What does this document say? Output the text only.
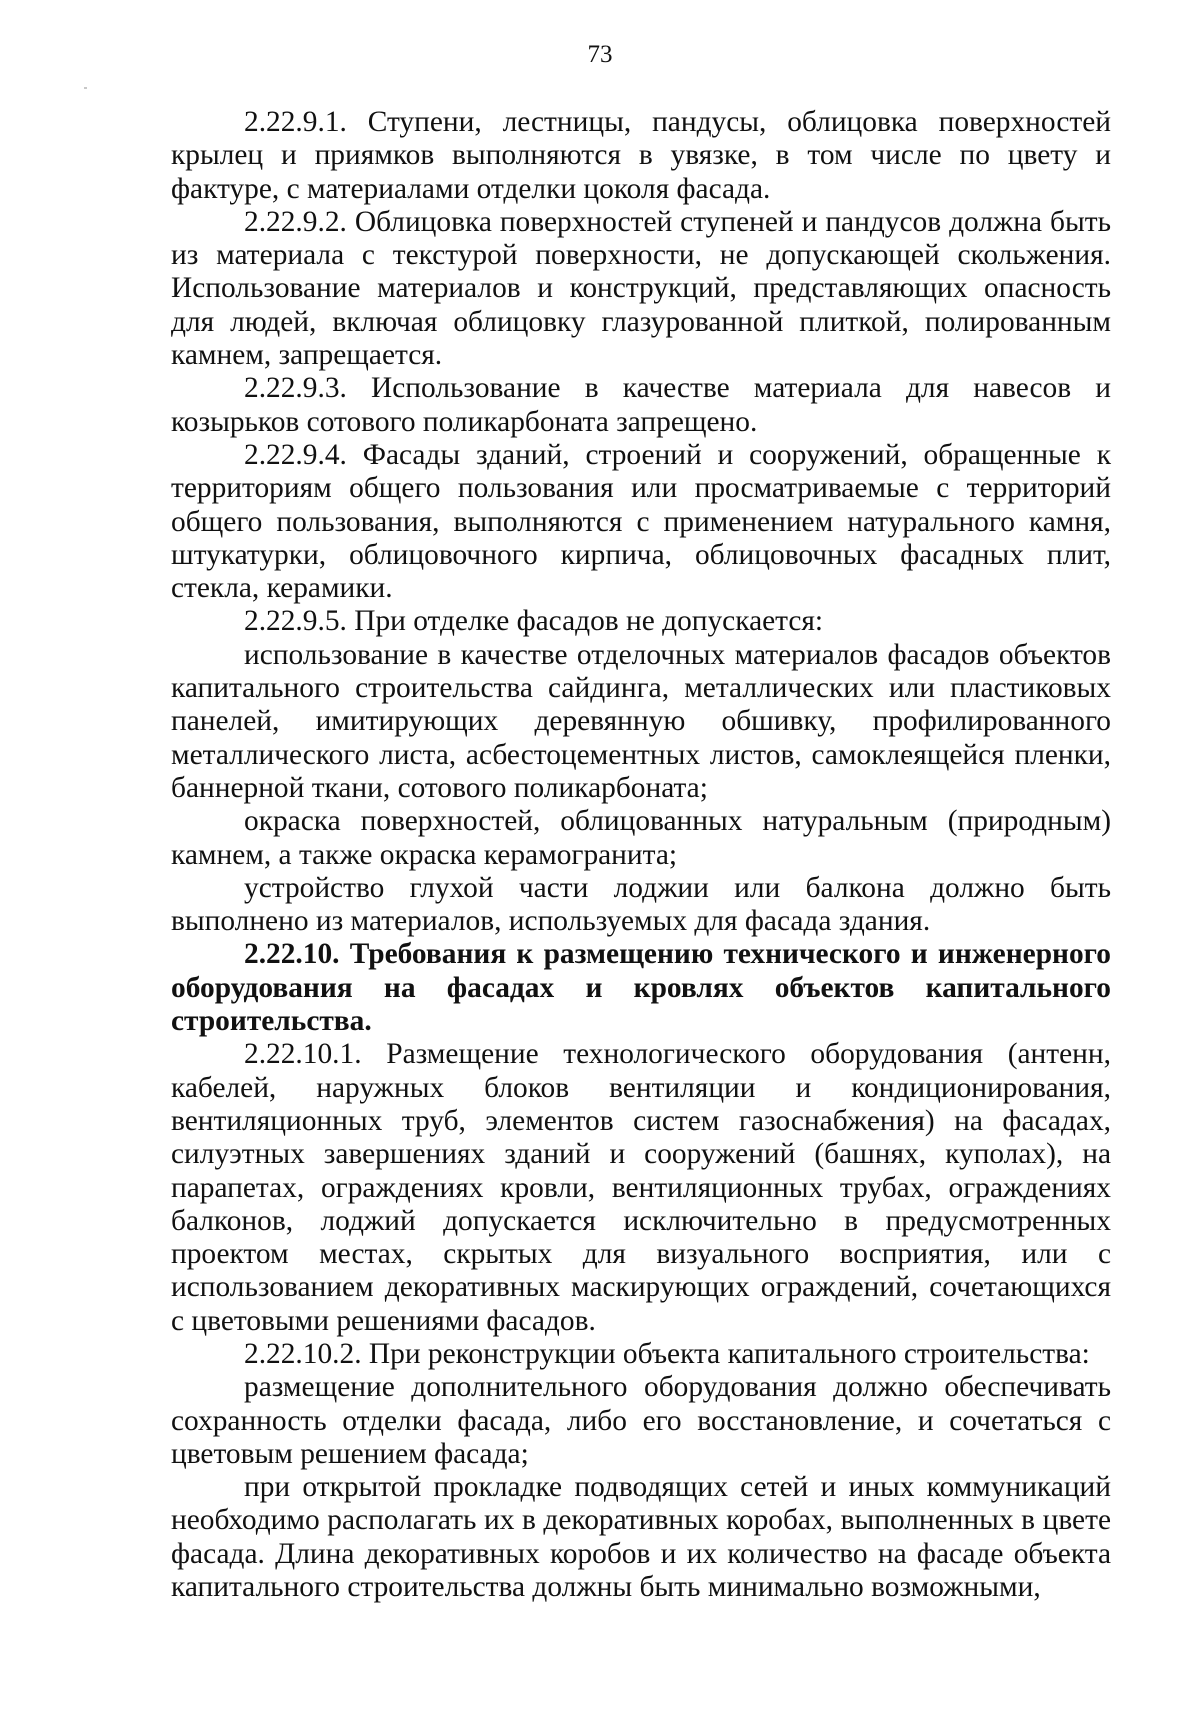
73

2.22.9.1. Ступени, лестницы, пандусы, облицовка поверхностей крылец и приямков выполняются в увязке, в том числе по цвету и фактуре, с материалами отделки цоколя фасада.

2.22.9.2. Облицовка поверхностей ступеней и пандусов должна быть из материала с текстурой поверхности, не допускающей скольжения. Использование материалов и конструкций, представляющих опасность для людей, включая облицовку глазурованной плиткой, полированным камнем, запрещается.

2.22.9.3. Использование в качестве материала для навесов и козырьков сотового поликарбоната запрещено.

2.22.9.4. Фасады зданий, строений и сооружений, обращенные к территориям общего пользования или просматриваемые с территорий общего пользования, выполняются с применением натурального камня, штукатурки, облицовочного кирпича, облицовочных фасадных плит, стекла, керамики.

2.22.9.5. При отделке фасадов не допускается:

использование в качестве отделочных материалов фасадов объектов капитального строительства сайдинга, металлических или пластиковых панелей, имитирующих деревянную обшивку, профилированного металлического листа, асбестоцементных листов, самоклеящейся пленки, баннерной ткани, сотового поликарбоната;

окраска поверхностей, облицованных натуральным (природным) камнем, а также окраска керамогранита;

устройство глухой части лоджии или балкона должно быть выполнено из материалов, используемых для фасада здания.

2.22.10. Требования к размещению технического и инженерного оборудования на фасадах и кровлях объектов капитального строительства.

2.22.10.1. Размещение технологического оборудования (антенн, кабелей, наружных блоков вентиляции и кондиционирования, вентиляционных труб, элементов систем газоснабжения) на фасадах, силуэтных завершениях зданий и сооружений (башнях, куполах), на парапетах, ограждениях кровли, вентиляционных трубах, ограждениях балконов, лоджий допускается исключительно в предусмотренных проектом местах, скрытых для визуального восприятия, или с использованием декоративных маскирующих ограждений, сочетающихся с цветовыми решениями фасадов.

2.22.10.2. При реконструкции объекта капитального строительства:

размещение дополнительного оборудования должно обеспечивать сохранность отделки фасада, либо его восстановление, и сочетаться с цветовым решением фасада;

при открытой прокладке подводящих сетей и иных коммуникаций необходимо располагать их в декоративных коробах, выполненных в цвете фасада. Длина декоративных коробов и их количество на фасаде объекта капитального строительства должны быть минимально возможными,
